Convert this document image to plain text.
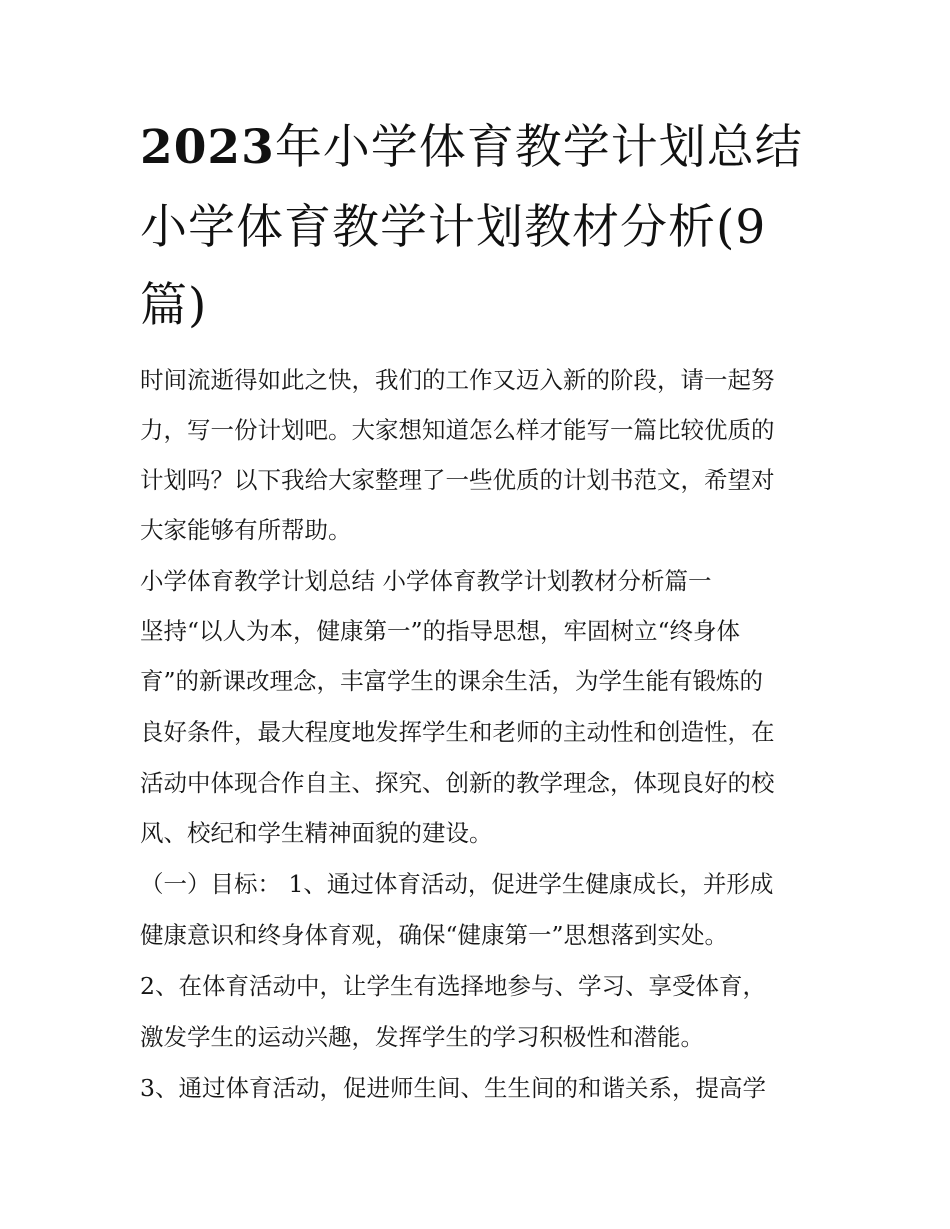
2023年小学体育教学计划总结
小学体育教学计划教材分析(9
篇)

时间流逝得如此之快，我们的工作又迈入新的阶段，请一起努

力，写一份计划吧。大家想知道怎么样才能写一篇比较优质的

计划吗？以下我给大家整理了一些优质的计划书范文，希望对

大家能够有所帮助。

小学体育教学计划总结 小学体育教学计划教材分析篇一

坚持“以人为本，健康第一”的指导思想，牢固树立“终身体

育”的新课改理念，丰富学生的课余生活，为学生能有锻炼的

良好条件，最大程度地发挥学生和老师的主动性和创造性，在

活动中体现合作自主、探究、创新的教学理念，体现良好的校

风、校纪和学生精神面貌的建设。

（一）目标： 1、通过体育活动，促进学生健康成长，并形成

健康意识和终身体育观，确保“健康第一”思想落到实处。

2、在体育活动中，让学生有选择地参与、学习、享受体育，

激发学生的运动兴趣，发挥学生的学习积极性和潜能。

3、通过体育活动，促进师生间、生生间的和谐关系，提高学
